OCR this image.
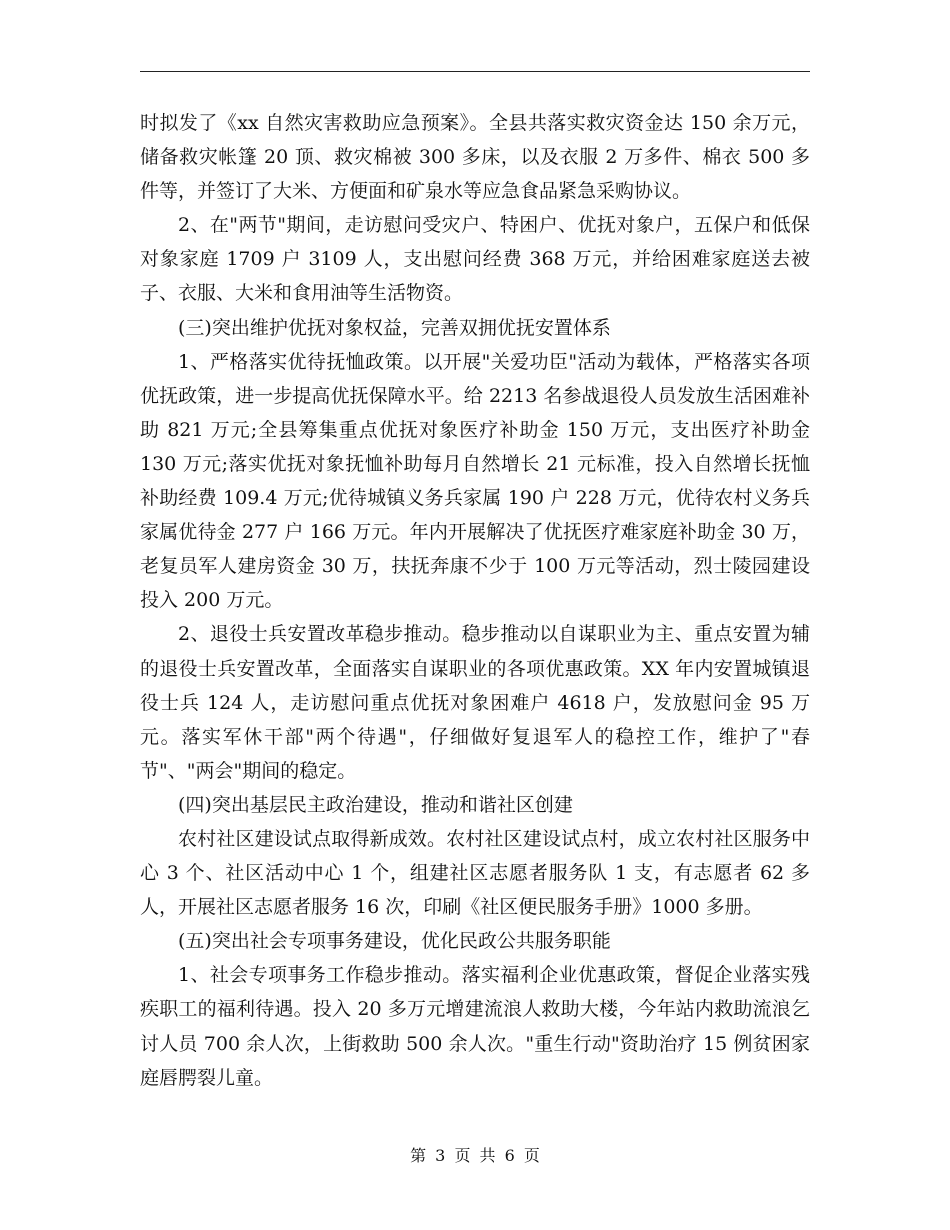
时拟发了《xx 自然灾害救助应急预案》。全县共落实救灾资金达 150 余万元，储备救灾帐篷 20 顶、救灾棉被 300 多床，以及衣服 2 万多件、棉衣 500 多件等，并签订了大米、方便面和矿泉水等应急食品紧急采购协议。

2、在"两节"期间，走访慰问受灾户、特困户、优抚对象户，五保户和低保对象家庭 1709 户 3109 人，支出慰问经费 368 万元，并给困难家庭送去被子、衣服、大米和食用油等生活物资。

(三)突出维护优抚对象权益，完善双拥优抚安置体系

1、严格落实优待抚恤政策。以开展"关爱功臣"活动为载体，严格落实各项优抚政策，进一步提高优抚保障水平。给 2213 名参战退役人员发放生活困难补助 821 万元;全县筹集重点优抚对象医疗补助金 150 万元，支出医疗补助金 130 万元;落实优抚对象抚恤补助每月自然增长 21 元标准，投入自然增长抚恤补助经费 109.4 万元;优待城镇义务兵家属 190 户 228 万元，优待农村义务兵家属优待金 277 户 166 万元。年内开展解决了优抚医疗难家庭补助金 30 万，老复员军人建房资金 30 万，扶抚奔康不少于 100 万元等活动，烈士陵园建设投入 200 万元。

2、退役士兵安置改革稳步推动。稳步推动以自谋职业为主、重点安置为辅的退役士兵安置改革，全面落实自谋职业的各项优惠政策。XX 年内安置城镇退役士兵 124 人，走访慰问重点优抚对象困难户 4618 户，发放慰问金 95 万元。落实军休干部"两个待遇"，仔细做好复退军人的稳控工作，维护了"春节"、"两会"期间的稳定。

(四)突出基层民主政治建设，推动和谐社区创建

农村社区建设试点取得新成效。农村社区建设试点村，成立农村社区服务中心 3 个、社区活动中心 1 个，组建社区志愿者服务队 1 支，有志愿者 62 多人，开展社区志愿者服务 16 次，印刷《社区便民服务手册》1000 多册。

(五)突出社会专项事务建设，优化民政公共服务职能

1、社会专项事务工作稳步推动。落实福利企业优惠政策，督促企业落实残疾职工的福利待遇。投入 20 多万元增建流浪人救助大楼，今年站内救助流浪乞讨人员 700 余人次，上街救助 500 余人次。"重生行动"资助治疗 15 例贫困家庭唇腭裂儿童。

第 3 页 共 6 页
